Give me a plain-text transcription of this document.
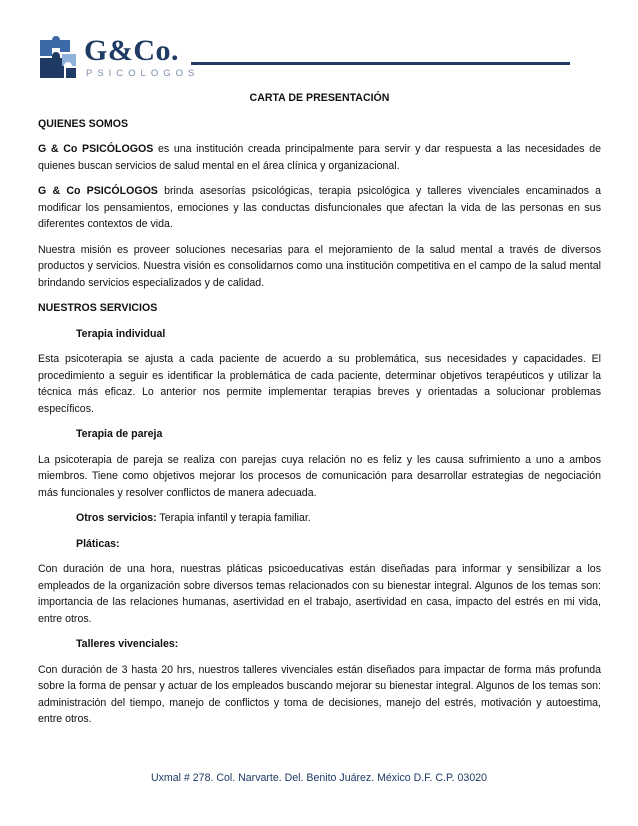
G&Co.
PSICOLOGOS

CARTA DE PRESENTACIÓN

QUIENES SOMOS

G & Co PSICÓLOGOS es una institución creada principalmente para servir y dar respuesta a las necesidades de quienes buscan servicios de salud mental en el área clínica y organizacional.

G & Co PSICÓLOGOS brinda asesorías psicológicas, terapia psicológica y talleres vivenciales encaminados a modificar los pensamientos, emociones y las conductas disfuncionales que afectan la vida de las personas en sus diferentes contextos de vida.

Nuestra misión es proveer soluciones necesarias para el mejoramiento de la salud mental a través de diversos productos y servicios. Nuestra visión es consolidarnos como una institución competitiva en el campo de la salud mental brindando servicios especializados y de calidad.

NUESTROS SERVICIOS

Terapia individual

Esta psicoterapia se ajusta a cada paciente de acuerdo a su problemática, sus necesidades y capacidades. El procedimiento a seguir es identificar la problemática de cada paciente, determinar objetivos terapéuticos y utilizar la técnica más eficaz. Lo anterior nos permite implementar terapias breves y orientadas a solucionar problemas específicos.

Terapia de pareja

La psicoterapia de pareja se realiza con parejas cuya relación no es feliz y les causa sufrimiento a uno a ambos miembros. Tiene como objetivos mejorar los procesos de comunicación para desarrollar estrategias de negociación más funcionales y resolver conflictos de manera adecuada.

Otros servicios: Terapia infantil y terapia familiar.

Pláticas:

Con duración de una hora, nuestras pláticas psicoeducativas están diseñadas para informar y sensibilizar a los empleados de la organización sobre diversos temas relacionados con su bienestar integral. Algunos de los temas son: importancia de las relaciones humanas, asertividad en el trabajo, asertividad en casa, impacto del estrés en mi vida, entre otros.

Talleres vivenciales:

Con duración de 3 hasta 20 hrs, nuestros talleres vivenciales están diseñados para impactar de forma más profunda sobre la forma de pensar y actuar de los empleados buscando mejorar su bienestar integral. Algunos de los temas son: administración del tiempo, manejo de conflictos y toma de decisiones, manejo del estrés, motivación y autoestima, entre otros.

Uxmal # 278. Col. Narvarte. Del. Benito Juárez. México D.F. C.P. 03020
